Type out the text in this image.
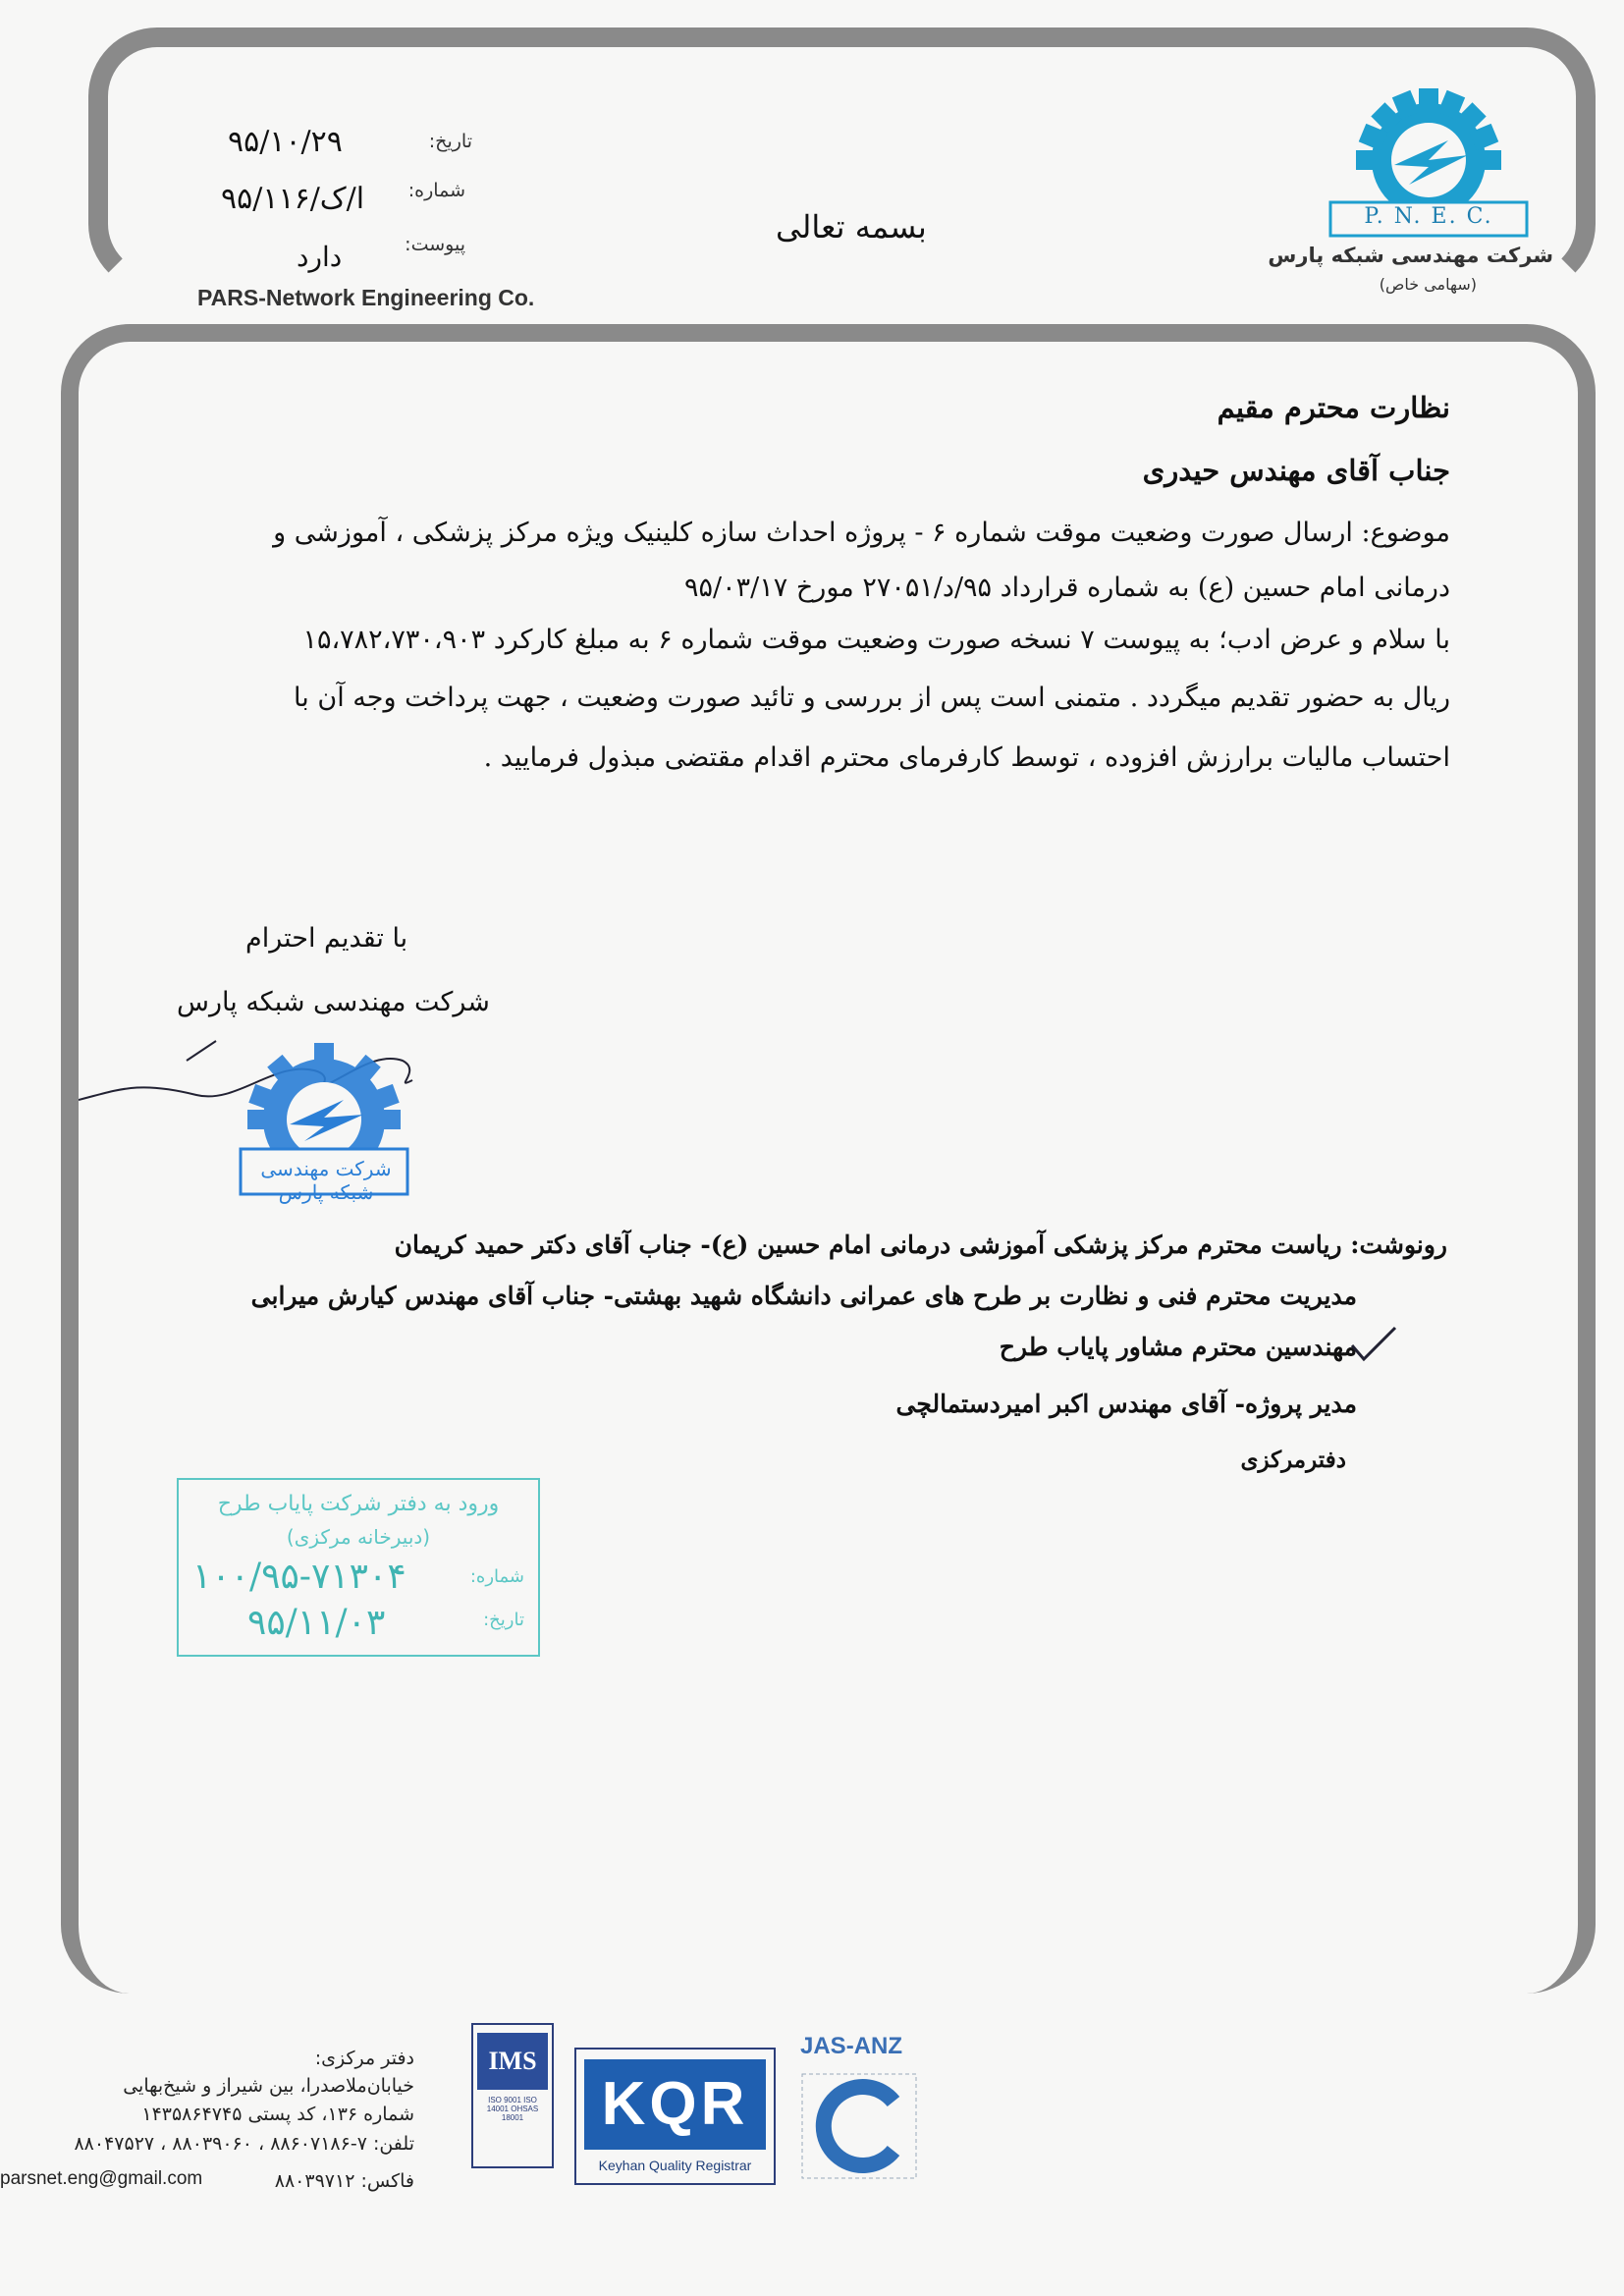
PARS-Network Engineering Co.
تاریخ:
۹۵/۱۰/۲۹
شماره:
۹۵/ا/ک/۱۱۶
پیوست:
دارد
بسمه تعالی	P. N. E. C.
شرکت مهندسی شبکه پارس
(سهامی خاص)
نظارت محترم مقیم
جناب آقای مهندس حیدری
موضوع: ارسال صورت وضعیت موقت شماره ۶ - پروژه احداث سازه کلینیک ویژه مرکز پزشکی ، آموزشی و
درمانی امام حسین (ع) به شماره قرارداد ۹۵/د/۲۷۰۵۱ مورخ ۹۵/۰۳/۱۷
با سلام و عرض ادب؛ به پیوست ۷ نسخه صورت وضعیت موقت شماره ۶ به مبلغ کارکرد ۱۵،۷۸۲،۷۳۰،۹۰۳
ریال به حضور تقدیم میگردد . متمنی است پس از بررسی و تائید صورت وضعیت ، جهت پرداخت وجه آن با
احتساب مالیات برارزش افزوده ، توسط کارفرمای محترم اقدام مقتضی مبذول فرمایید .
با تقدیم احترام
شرکت مهندسی شبکه پارس
شرکت مهندسی شبکه پارس
رونوشت: ریاست محترم مرکز پزشکی آموزشی درمانی امام حسین (ع)- جناب آقای دکتر حمید کریمان
مدیریت محترم فنی و نظارت بر طرح های عمرانی دانشگاه شهید بهشتی- جناب آقای مهندس کیارش میرابی
مهندسین محترم مشاور پایاب طرح
مدیر پروژه- آقای مهندس اکبر امیردستمالچی
دفترمرکزی
ورود به دفتر شرکت پایاب طرح
(دبیرخانه مرکزی)
شماره:
۱۰۰/۹۵-۷۱۳۰۴
تاریخ:
۹۵/۱۱/۰۳
دفتر مرکزی:
خیابان‌ملاصدرا، بین شیراز و شیخ‌بهایی
شماره ۱۳۶، کد پستی ۱۴۳۵۸۶۴۷۴۵
تلفن: ۷-۸۸۶۰۷۱۸۶ ، ۸۸۰۳۹۰۶۰ ، ۸۸۰۴۷۵۲۷
parsnet.eng@gmail.com	فاکس: ۸۸۰۳۹۷۱۲
IMS
ISO 9001 ISO 14001 OHSAS 18001	KQR
Keyhan Quality Registrar
JAS-ANZ
